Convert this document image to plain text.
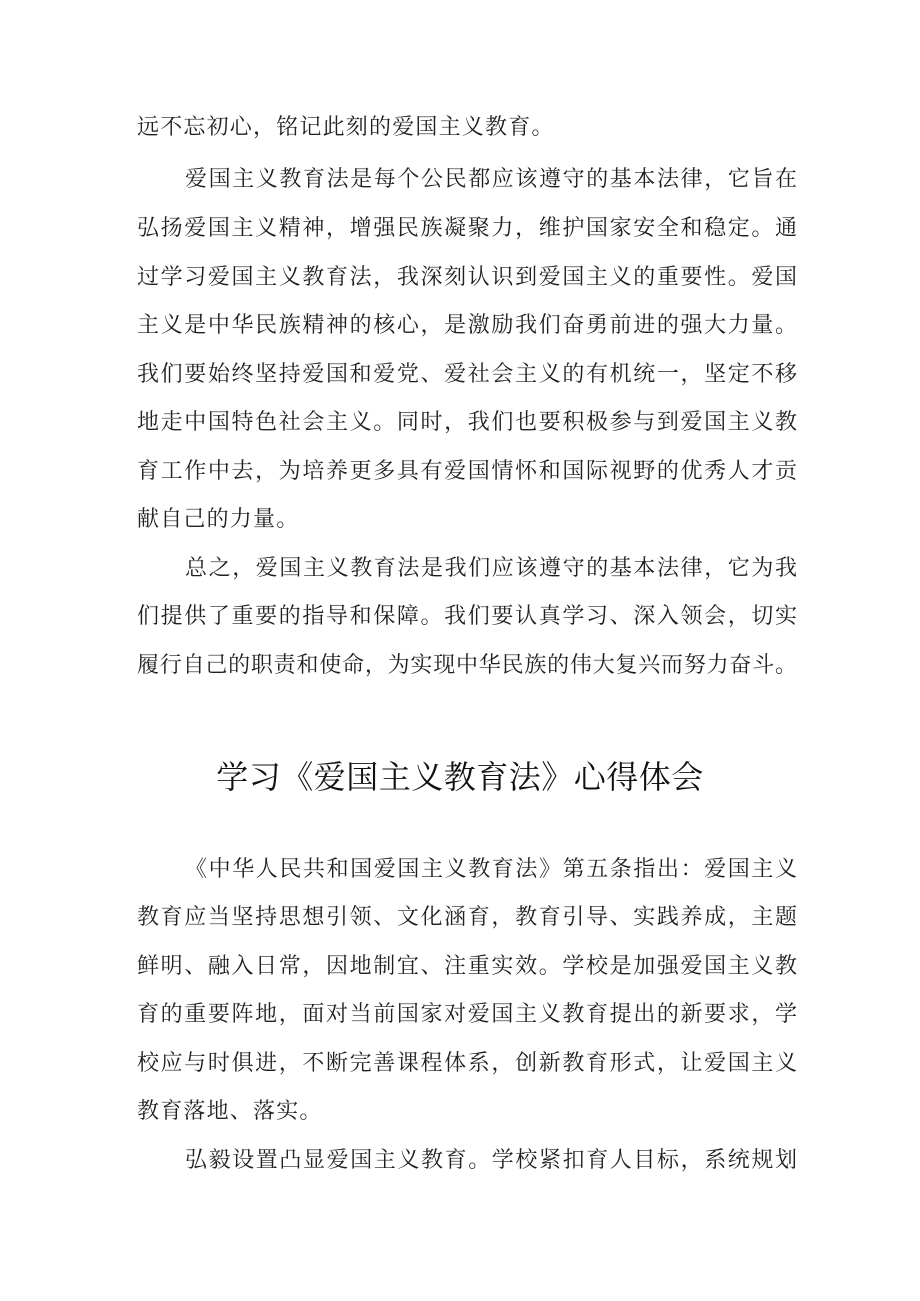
远不忘初心，铭记此刻的爱国主义教育。
爱国主义教育法是每个公民都应该遵守的基本法律，它旨在
弘扬爱国主义精神，增强民族凝聚力，维护国家安全和稳定。通
过学习爱国主义教育法，我深刻认识到爱国主义的重要性。爱国
主义是中华民族精神的核心，是激励我们奋勇前进的强大力量。
我们要始终坚持爱国和爱党、爱社会主义的有机统一，坚定不移
地走中国特色社会主义。同时，我们也要积极参与到爱国主义教
育工作中去，为培养更多具有爱国情怀和国际视野的优秀人才贡
献自己的力量。
总之，爱国主义教育法是我们应该遵守的基本法律，它为我
们提供了重要的指导和保障。我们要认真学习、深入领会，切实
履行自己的职责和使命，为实现中华民族的伟大复兴而努力奋斗。
学习《爱国主义教育法》心得体会
《中华人民共和国爱国主义教育法》第五条指出：爱国主义
教育应当坚持思想引领、文化涵育，教育引导、实践养成，主题
鲜明、融入日常，因地制宜、注重实效。学校是加强爱国主义教
育的重要阵地，面对当前国家对爱国主义教育提出的新要求，学
校应与时俱进，不断完善课程体系，创新教育形式，让爱国主义
教育落地、落实。
弘毅设置凸显爱国主义教育。学校紧扣育人目标，系统规划
